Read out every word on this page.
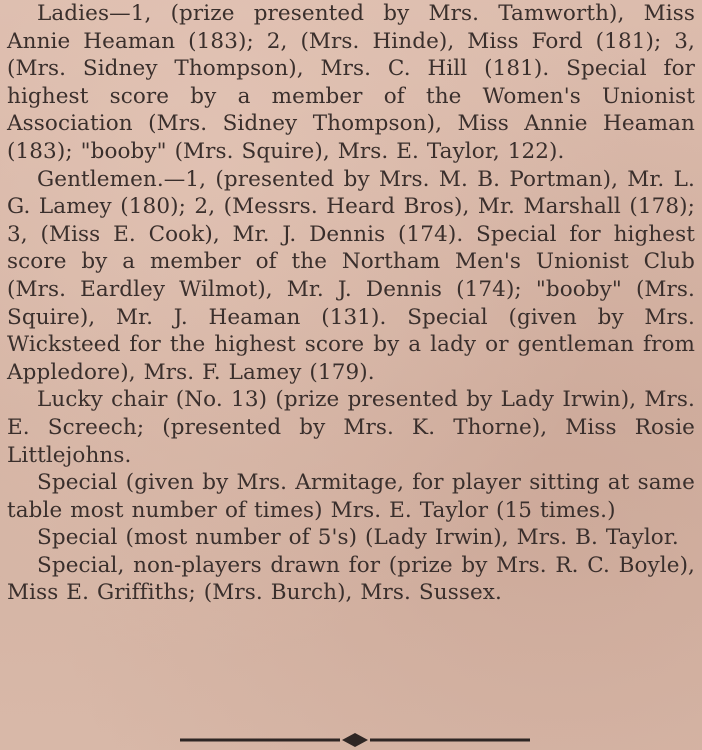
Ladies—1, (prize presented by Mrs. Tamworth), Miss Annie Heaman (183); 2, (Mrs. Hinde), Miss Ford (181); 3, (Mrs. Sidney Thompson), Mrs. C. Hill (181). Special for highest score by a member of the Women's Unionist Association (Mrs. Sidney Thompson), Miss Annie Heaman (183); "booby" (Mrs. Squire), Mrs. E. Taylor, 122).

Gentlemen.—1, (presented by Mrs. M. B. Portman), Mr. L. G. Lamey (180); 2, (Messrs. Heard Bros), Mr. Marshall (178); 3, (Miss E. Cook), Mr. J. Dennis (174). Special for highest score by a member of the Northam Men's Unionist Club (Mrs. Eardley Wilmot), Mr. J. Dennis (174); "booby" (Mrs. Squire), Mr. J. Heaman (131). Special (given by Mrs. Wicksteed for the highest score by a lady or gentleman from Appledore), Mrs. F. Lamey (179).

Lucky chair (No. 13) (prize presented by Lady Irwin), Mrs. E. Screech; (presented by Mrs. K. Thorne), Miss Rosie Littlejohns.

Special (given by Mrs. Armitage, for player sitting at same table most number of times) Mrs. E. Taylor (15 times.)

Special (most number of 5's) (Lady Irwin), Mrs. B. Taylor.

Special, non-players drawn for (prize by Mrs. R. C. Boyle), Miss E. Griffiths; (Mrs. Burch), Mrs. Sussex.
